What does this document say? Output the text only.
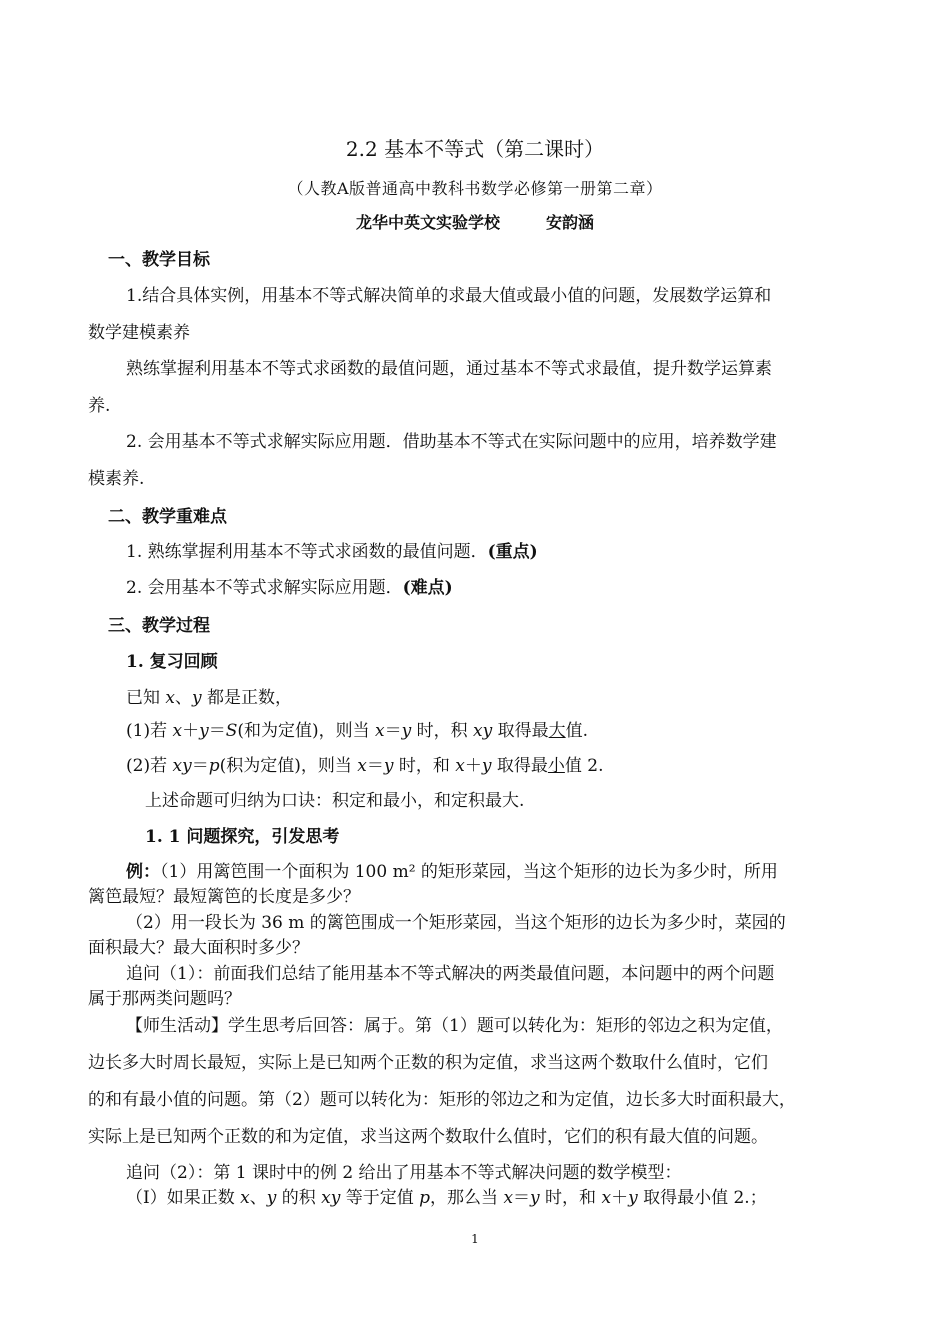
2.2 基本不等式（第二课时）
（人教A版普通高中教科书数学必修第一册第二章）
龙华中英文实验学校	安韵涵
一、教学目标
1.结合具体实例，用基本不等式解决简单的求最大值或最小值的问题，发展数学运算和
数学建模素养
熟练掌握利用基本不等式求函数的最值问题，通过基本不等式求最值，提升数学运算素
养.
2. 会用基本不等式求解实际应用题．借助基本不等式在实际问题中的应用，培养数学建
模素养.
二、教学重难点
1. 熟练掌握利用基本不等式求函数的最值问题．(重点)
2. 会用基本不等式求解实际应用题．(难点)
三、教学过程
1. 复习回顾
已知 x、y 都是正数，
(1)若 x＋y＝S(和为定值)，则当 x＝y 时，积 xy 取得最大值.
(2)若 xy＝p(积为定值)，则当 x＝y 时，和 x＋y 取得最小值 2.
上述命题可归纳为口诀：积定和最小，和定积最大.
1. 1 问题探究，引发思考
例：（1）用篱笆围一个面积为 100 m² 的矩形菜园，当这个矩形的边长为多少时，所用
篱笆最短？最短篱笆的长度是多少？
（2）用一段长为 36 m 的篱笆围成一个矩形菜园，当这个矩形的边长为多少时，菜园的
面积最大？最大面积时多少？
追问（1）：前面我们总结了能用基本不等式解决的两类最值问题，本问题中的两个问题
属于那两类问题吗？
【师生活动】学生思考后回答：属于。第（1）题可以转化为：矩形的邻边之积为定值，
边长多大时周长最短，实际上是已知两个正数的积为定值，求当这两个数取什么值时，它们
的和有最小值的问题。第（2）题可以转化为：矩形的邻边之和为定值，边长多大时面积最大，
实际上是已知两个正数的和为定值，求当这两个数取什么值时，它们的积有最大值的问题。
追问（2）：第 1 课时中的例 2 给出了用基本不等式解决问题的数学模型：
（Ⅰ）如果正数 x、y 的积 xy 等于定值 p，那么当 x＝y 时，和 x＋y 取得最小值 2.；
1
